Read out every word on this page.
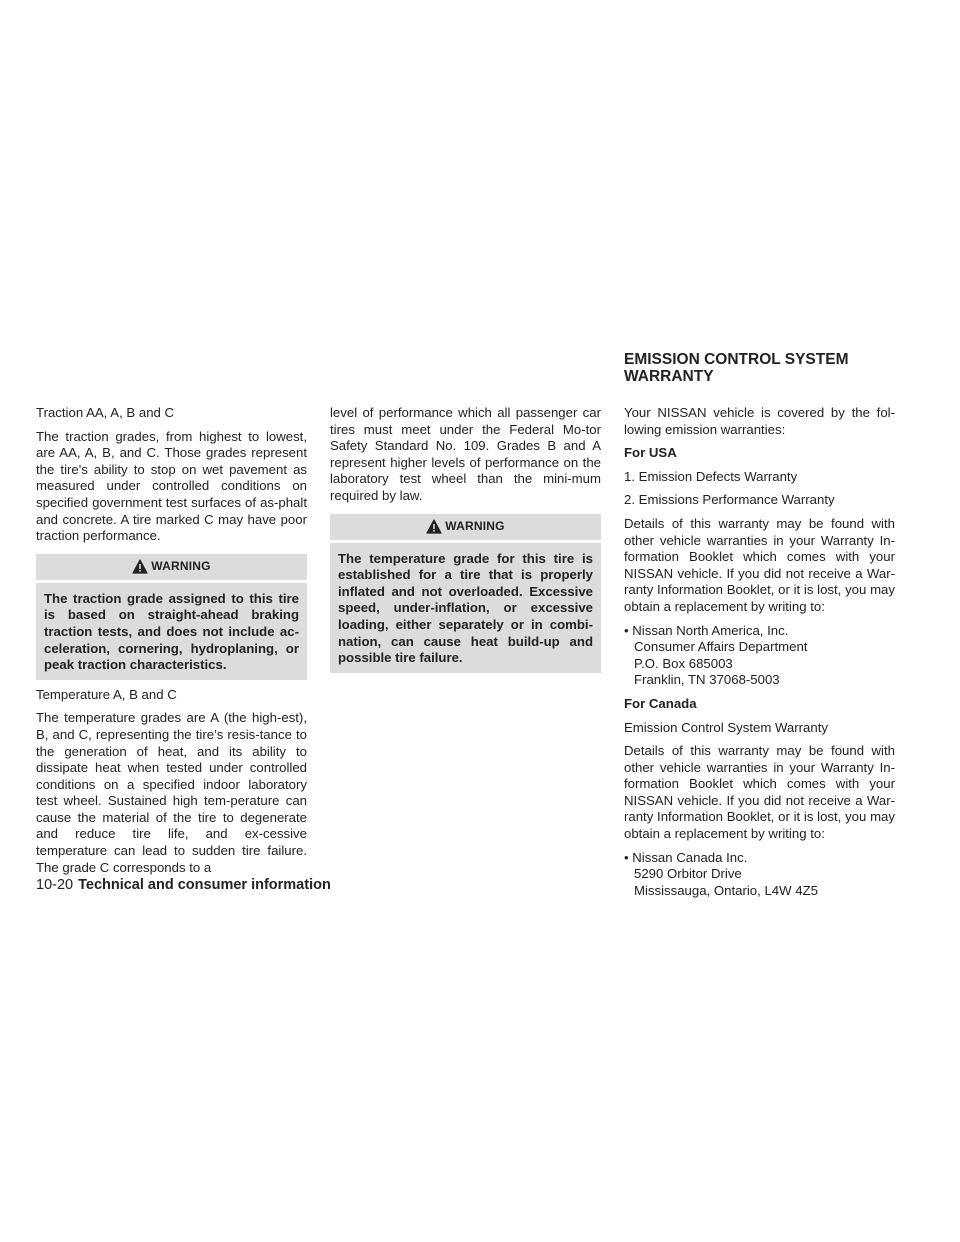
Traction AA, A, B and C

The traction grades, from highest to lowest, are AA, A, B, and C. Those grades represent the tire's ability to stop on wet pavement as measured under controlled conditions on specified government test surfaces of as-phalt and concrete. A tire marked C may have poor traction performance.

WARNING
The traction grade assigned to this tire is based on straight-ahead braking traction tests, and does not include ac-celeration, cornering, hydroplaning, or peak traction characteristics.

Temperature A, B and C

The temperature grades are A (the high-est), B, and C, representing the tire’s resis-tance to the generation of heat, and its ability to dissipate heat when tested under controlled conditions on a specified indoor laboratory test wheel. Sustained high tem-perature can cause the material of the tire to degenerate and reduce tire life, and ex-cessive temperature can lead to sudden tire failure. The grade C corresponds to a

level of performance which all passenger car tires must meet under the Federal Mo-tor Safety Standard No. 109. Grades B and A represent higher levels of performance on the laboratory test wheel than the mini-mum required by law.

WARNING
The temperature grade for this tire is established for a tire that is properly inflated and not overloaded. Excessive speed, under-inflation, or excessive loading, either separately or in combi-nation, can cause heat build-up and possible tire failure.
EMISSION CONTROL SYSTEM WARRANTY

Your NISSAN vehicle is covered by the fol-lowing emission warranties:

For USA

1. Emission Defects Warranty

2. Emissions Performance Warranty

Details of this warranty may be found with other vehicle warranties in your Warranty In-formation Booklet which comes with your NISSAN vehicle. If you did not receive a War-ranty Information Booklet, or it is lost, you may obtain a replacement by writing to:

• Nissan North America, Inc.
Consumer Affairs Department
P.O. Box 685003
Franklin, TN 37068-5003
For Canada

Emission Control System Warranty

Details of this warranty may be found with other vehicle warranties in your Warranty In-formation Booklet which comes with your NISSAN vehicle. If you did not receive a War-ranty Information Booklet, or it is lost, you may obtain a replacement by writing to:

• Nissan Canada Inc.
5290 Orbitor Drive
Mississauga, Ontario, L4W 4Z5
10-20 Technical and consumer information
